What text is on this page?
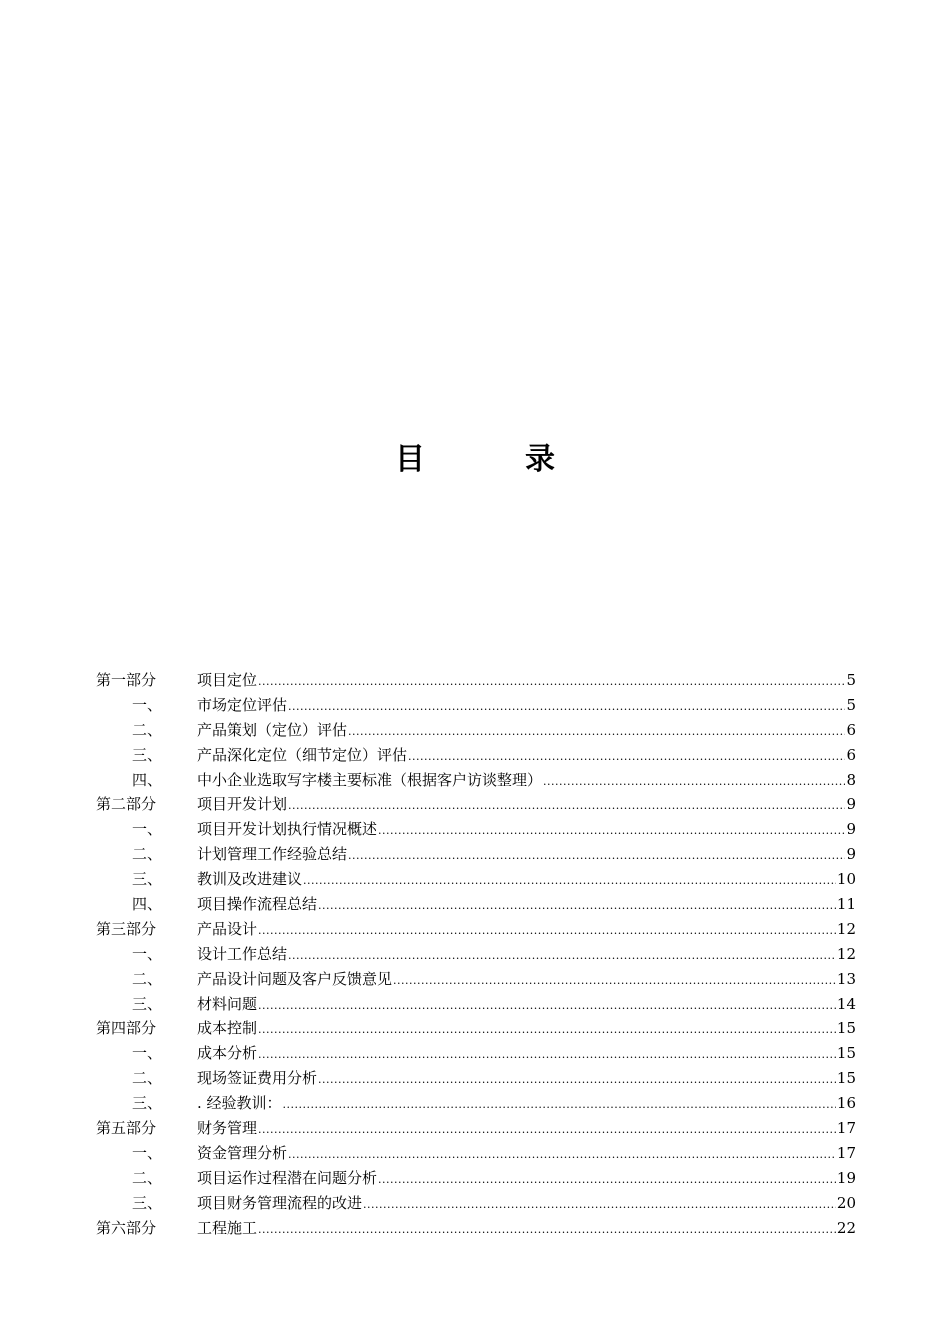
目	录
第一部分	项目定位 .....	5
一、	市场定位评估 .....	5
二、	产品策划（定位）评估 .....	6
三、	产品深化定位（细节定位）评估 .....	6
四、	中小企业选取写字楼主要标准（根据客户访谈整理） .....	8
第二部分	项目开发计划 .....	9
一、	项目开发计划执行情况概述 .....	9
二、	计划管理工作经验总结 .....	9
三、	教训及改进建议 .....	10
四、	项目操作流程总结 .....	11
第三部分	产品设计 .....	12
一、	设计工作总结 .....	12
二、	产品设计问题及客户反馈意见 .....	13
三、	材料问题 .....	14
第四部分	成本控制 .....	15
一、	成本分析 .....	15
二、	现场签证费用分析 .....	15
三、	. 经验教训： .....	16
第五部分	财务管理 .....	17
一、	资金管理分析 .....	17
二、	项目运作过程潜在问题分析 .....	19
三、	项目财务管理流程的改进 .....	20
第六部分	工程施工 .....	22
